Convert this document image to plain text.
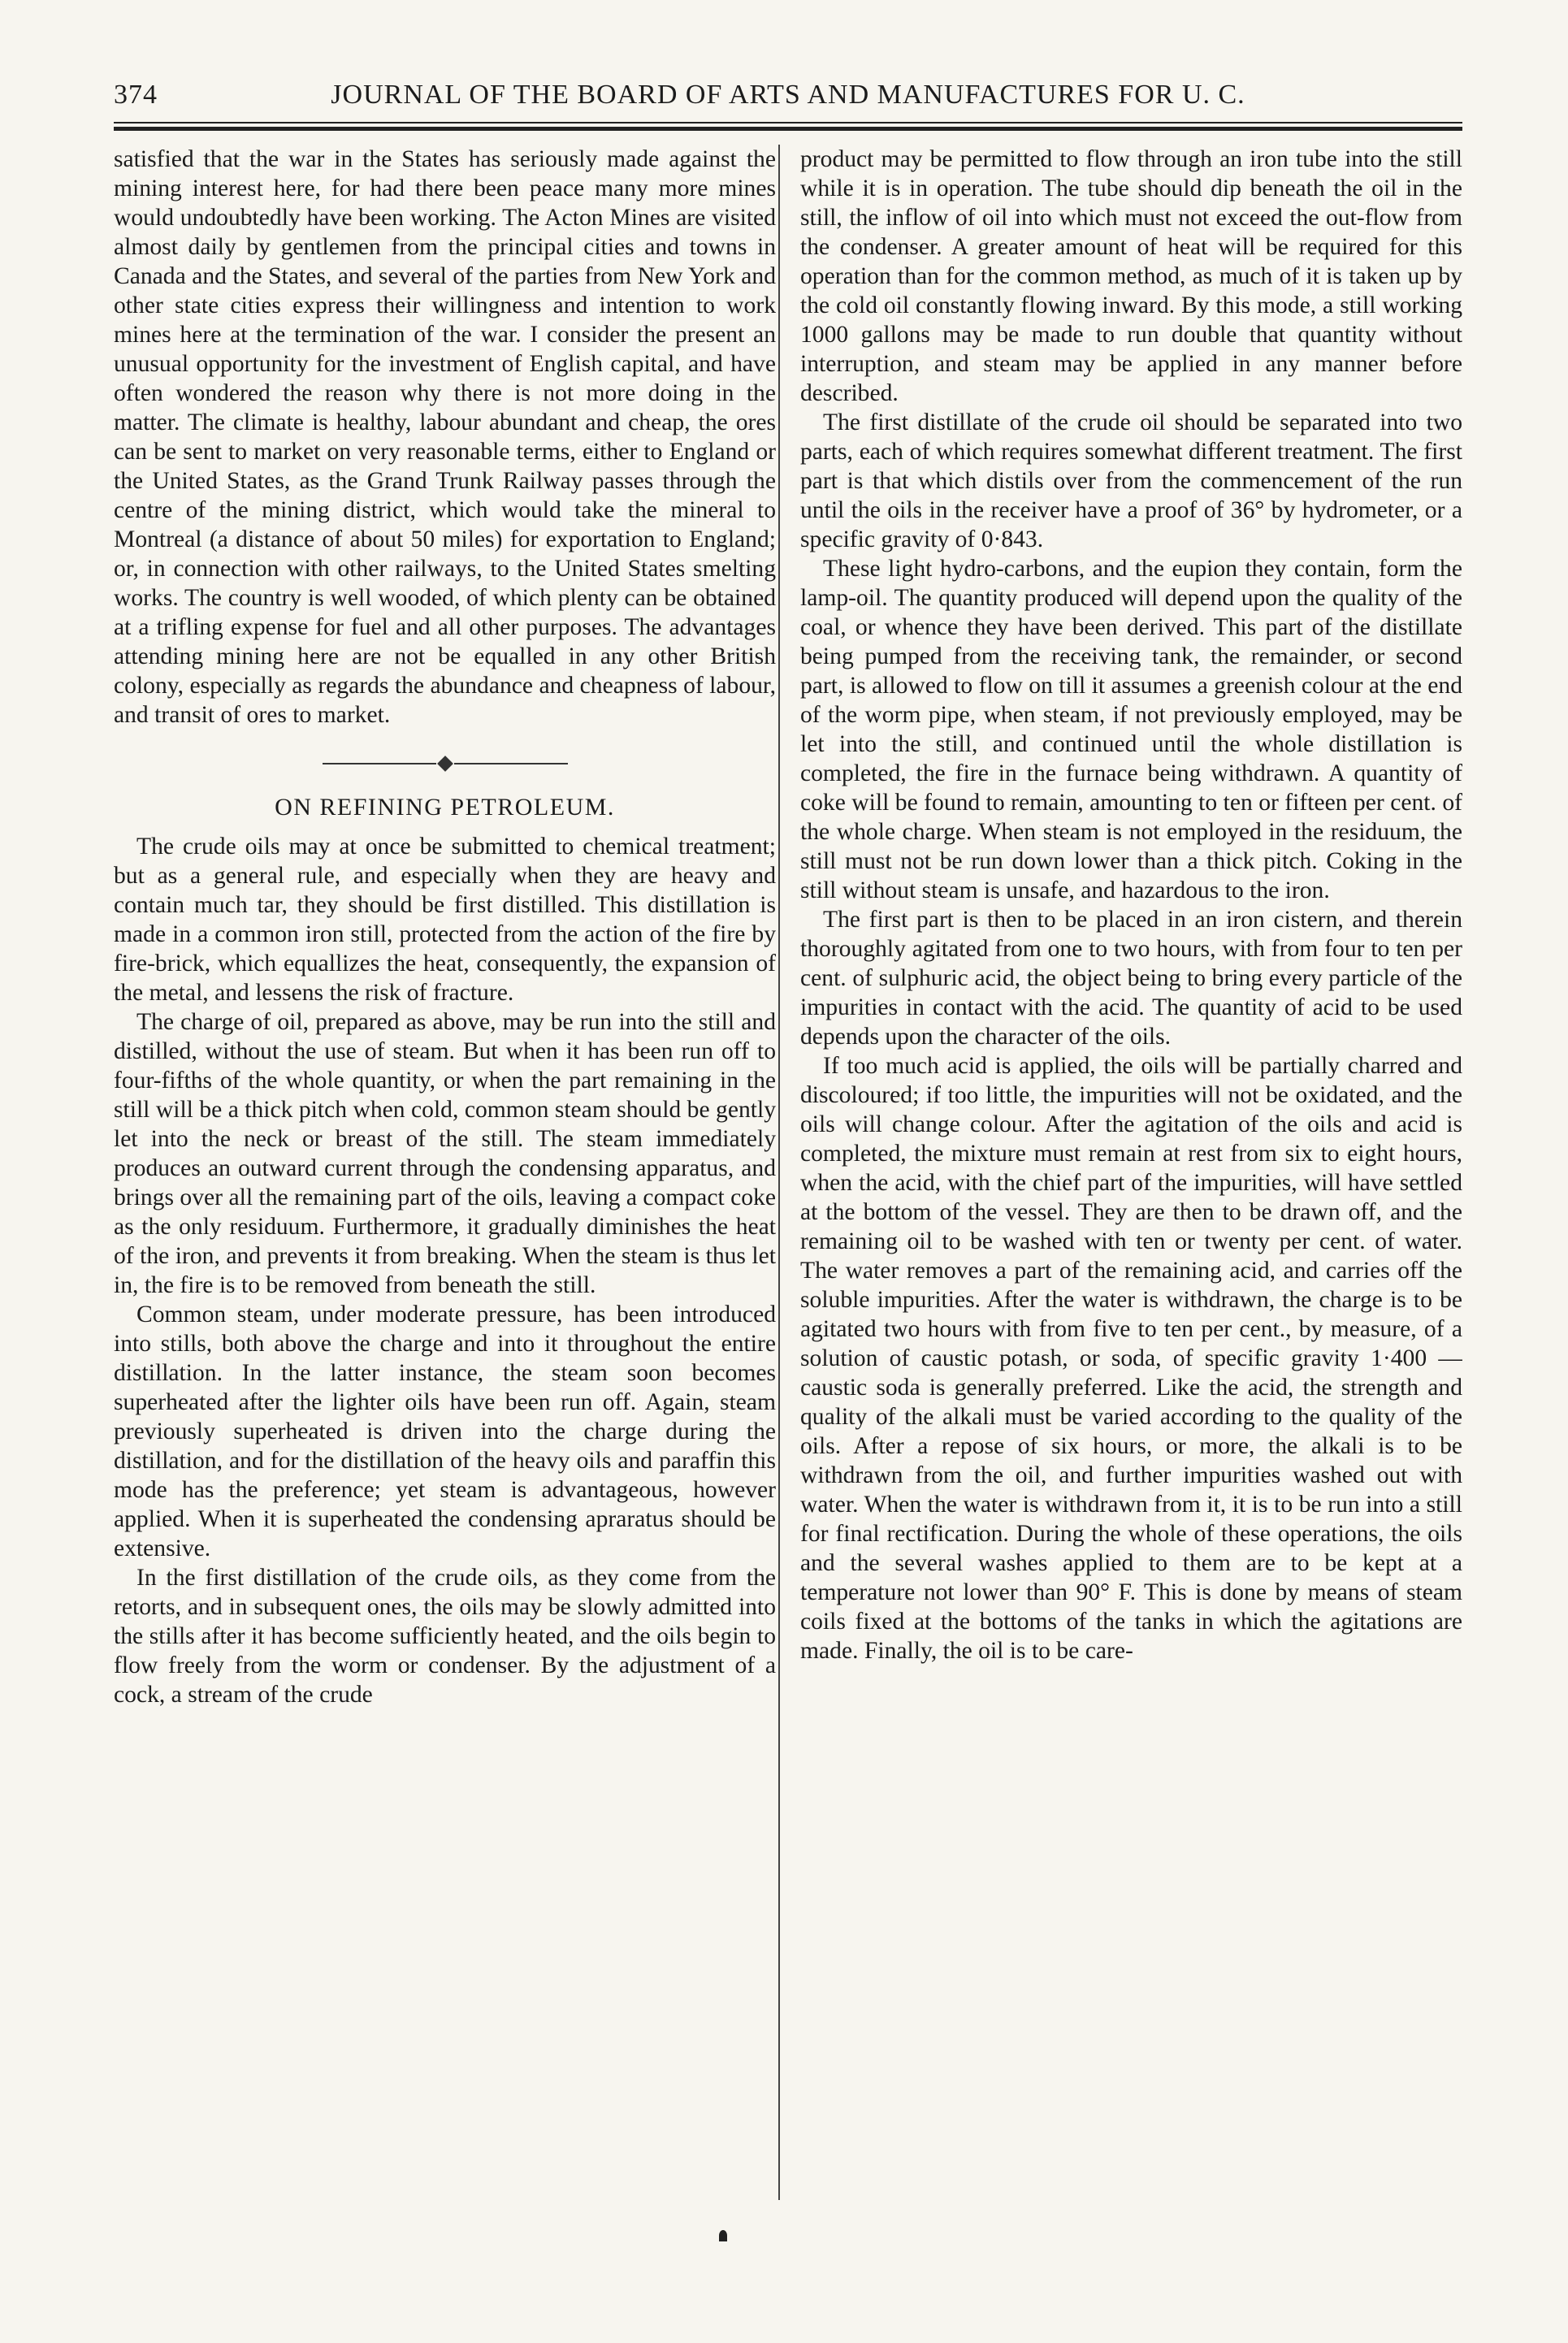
374	JOURNAL OF THE BOARD OF ARTS AND MANUFACTURES FOR U. C.

satisfied that the war in the States has seriously made against the mining interest here, for had there been peace many more mines would undoubtedly have been working. The Acton Mines are visited almost daily by gentlemen from the principal cities and towns in Canada and the States, and several of the parties from New York and other state cities express their willingness and intention to work mines here at the termination of the war. I consider the present an unusual opportunity for the investment of English capital, and have often wondered the reason why there is not more doing in the matter. The climate is healthy, labour abundant and cheap, the ores can be sent to market on very reasonable terms, either to England or the United States, as the Grand Trunk Railway passes through the centre of the mining district, which would take the mineral to Montreal (a distance of about 50 miles) for exportation to England; or, in connection with other railways, to the United States smelting works. The country is well wooded, of which plenty can be obtained at a trifling expense for fuel and all other purposes. The advantages attending mining here are not be equalled in any other British colony, especially as regards the abundance and cheapness of labour, and transit of ores to market.

ON REFINING PETROLEUM.

The crude oils may at once be submitted to chemical treatment; but as a general rule, and especially when they are heavy and contain much tar, they should be first distilled. This distillation is made in a common iron still, protected from the action of the fire by fire-brick, which equallizes the heat, consequently, the expansion of the metal, and lessens the risk of fracture.

The charge of oil, prepared as above, may be run into the still and distilled, without the use of steam. But when it has been run off to four-fifths of the whole quantity, or when the part remaining in the still will be a thick pitch when cold, common steam should be gently let into the neck or breast of the still. The steam immediately produces an outward current through the condensing apparatus, and brings over all the remaining part of the oils, leaving a compact coke as the only residuum. Furthermore, it gradually diminishes the heat of the iron, and prevents it from breaking. When the steam is thus let in, the fire is to be removed from beneath the still.

Common steam, under moderate pressure, has been introduced into stills, both above the charge and into it throughout the entire distillation. In the latter instance, the steam soon becomes superheated after the lighter oils have been run off. Again, steam previously superheated is driven into the charge during the distillation, and for the distillation of the heavy oils and paraffin this mode has the preference; yet steam is advantageous, however applied. When it is superheated the condensing apraratus should be extensive.

In the first distillation of the crude oils, as they come from the retorts, and in subsequent ones, the oils may be slowly admitted into the stills after it has become sufficiently heated, and the oils begin to flow freely from the worm or condenser. By the adjustment of a cock, a stream of the crude

product may be permitted to flow through an iron tube into the still while it is in operation. The tube should dip beneath the oil in the still, the inflow of oil into which must not exceed the out-flow from the condenser. A greater amount of heat will be required for this operation than for the common method, as much of it is taken up by the cold oil constantly flowing inward. By this mode, a still working 1000 gallons may be made to run double that quantity without interruption, and steam may be applied in any manner before described.

The first distillate of the crude oil should be separated into two parts, each of which requires somewhat different treatment. The first part is that which distils over from the commencement of the run until the oils in the receiver have a proof of 36° by hydrometer, or a specific gravity of 0·843.

These light hydro-carbons, and the eupion they contain, form the lamp-oil. The quantity produced will depend upon the quality of the coal, or whence they have been derived. This part of the distillate being pumped from the receiving tank, the remainder, or second part, is allowed to flow on till it assumes a greenish colour at the end of the worm pipe, when steam, if not previously employed, may be let into the still, and continued until the whole distillation is completed, the fire in the furnace being withdrawn. A quantity of coke will be found to remain, amounting to ten or fifteen per cent. of the whole charge. When steam is not employed in the residuum, the still must not be run down lower than a thick pitch. Coking in the still without steam is unsafe, and hazardous to the iron.

The first part is then to be placed in an iron cistern, and therein thoroughly agitated from one to two hours, with from four to ten per cent. of sulphuric acid, the object being to bring every particle of the impurities in contact with the acid. The quantity of acid to be used depends upon the character of the oils.

If too much acid is applied, the oils will be partially charred and discoloured; if too little, the impurities will not be oxidated, and the oils will change colour. After the agitation of the oils and acid is completed, the mixture must remain at rest from six to eight hours, when the acid, with the chief part of the impurities, will have settled at the bottom of the vessel. They are then to be drawn off, and the remaining oil to be washed with ten or twenty per cent. of water. The water removes a part of the remaining acid, and carries off the soluble impurities. After the water is withdrawn, the charge is to be agitated two hours with from five to ten per cent., by measure, of a solution of caustic potash, or soda, of specific gravity 1·400 —caustic soda is generally preferred. Like the acid, the strength and quality of the alkali must be varied according to the quality of the oils. After a repose of six hours, or more, the alkali is to be withdrawn from the oil, and further impurities washed out with water. When the water is withdrawn from it, it is to be run into a still for final rectification. During the whole of these operations, the oils and the several washes applied to them are to be kept at a temperature not lower than 90° F. This is done by means of steam coils fixed at the bottoms of the tanks in which the agitations are made. Finally, the oil is to be care-
